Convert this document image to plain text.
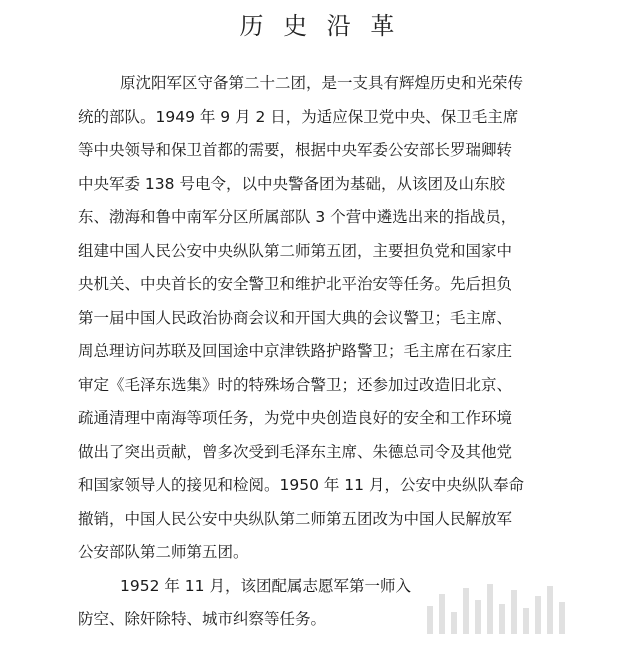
历 史 沿 革
原沈阳军区守备第二十二团，是一支具有辉煌历史和光荣传
统的部队。1949 年 9 月 2 日，为适应保卫党中央、保卫毛主席
等中央领导和保卫首都的需要，根据中央军委公安部长罗瑞卿转
中央军委 138 号电令，以中央警备团为基础，从该团及山东胶
东、渤海和鲁中南军分区所属部队 3 个营中遴选出来的指战员，
组建中国人民公安中央纵队第二师第五团，主要担负党和国家中
央机关、中央首长的安全警卫和维护北平治安等任务。先后担负
第一届中国人民政治协商会议和开国大典的会议警卫；毛主席、
周总理访问苏联及回国途中京津铁路护路警卫；毛主席在石家庄
审定《毛泽东选集》时的特殊场合警卫；还参加过改造旧北京、
疏通清理中南海等项任务，为党中央创造良好的安全和工作环境
做出了突出贡献，曾多次受到毛泽东主席、朱德总司令及其他党
和国家领导人的接见和检阅。1950 年 11 月，公安中央纵队奉命
撤销，中国人民公安中央纵队第二师第五团改为中国人民解放军
公安部队第二师第五团。
1952 年 11 月，该团配属志愿军第一师入
防空、除奸除特、城市纠察等任务。
